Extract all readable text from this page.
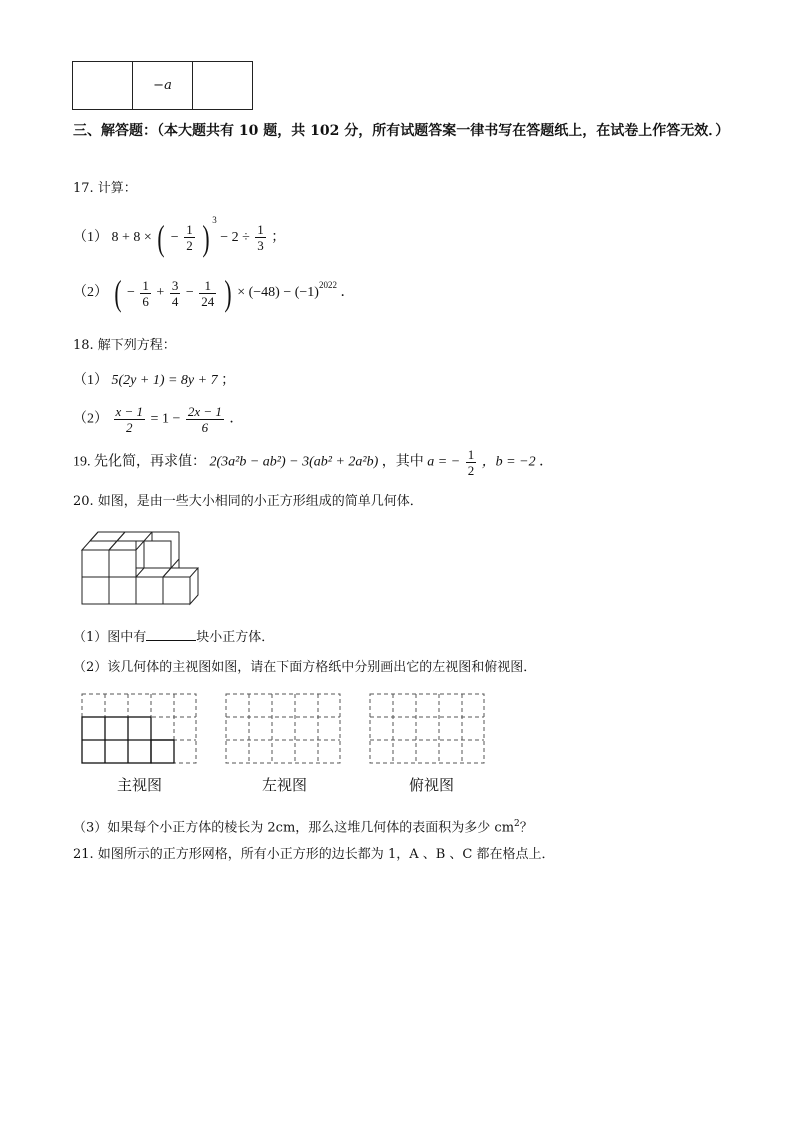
	−a	
三、解答题：（本大题共有 10 题，共 102 分，所有试题答案一律书写在答题纸上，在试卷上作答无效．）
17. 计算：
（1） 8 + 8 × ( − $\frac{1}{2}$ ) $^3 - 2 \div \frac{1}{3}$ ；
（2） ( − $\frac{1}{6} + \frac{3}{4} - \frac{1}{24}$ ) × $(-48) - (-1)^{2022}$ ．
18. 解下列方程：
（1） 5(2y + 1) = 8y + 7 ；
$(2) \frac{x - 1}{2} = 1 - \frac{2x - 1}{6}$ ．
19. 先化简，再求值： 2(3a²b − ab²) − 3(ab² + 2a²b) ，其中 a = − $\frac{1}{2}$ ，b = −2 ．
20. 如图，是由一些大小相同的小正方形组成的简单几何体．
（1）图中有	块小正方体．
（2）该几何体的主视图如图，请在下面方格纸中分别画出它的左视图和俯视图．
主视图	左视图	俯视图
（3）如果每个小正方体的棱长为 2cm，那么这堆几何体的表面积为多少 $cm^2$？
21. 如图所示的正方形网格，所有小正方形的边长都为 1，A 、B 、C 都在格点上．
